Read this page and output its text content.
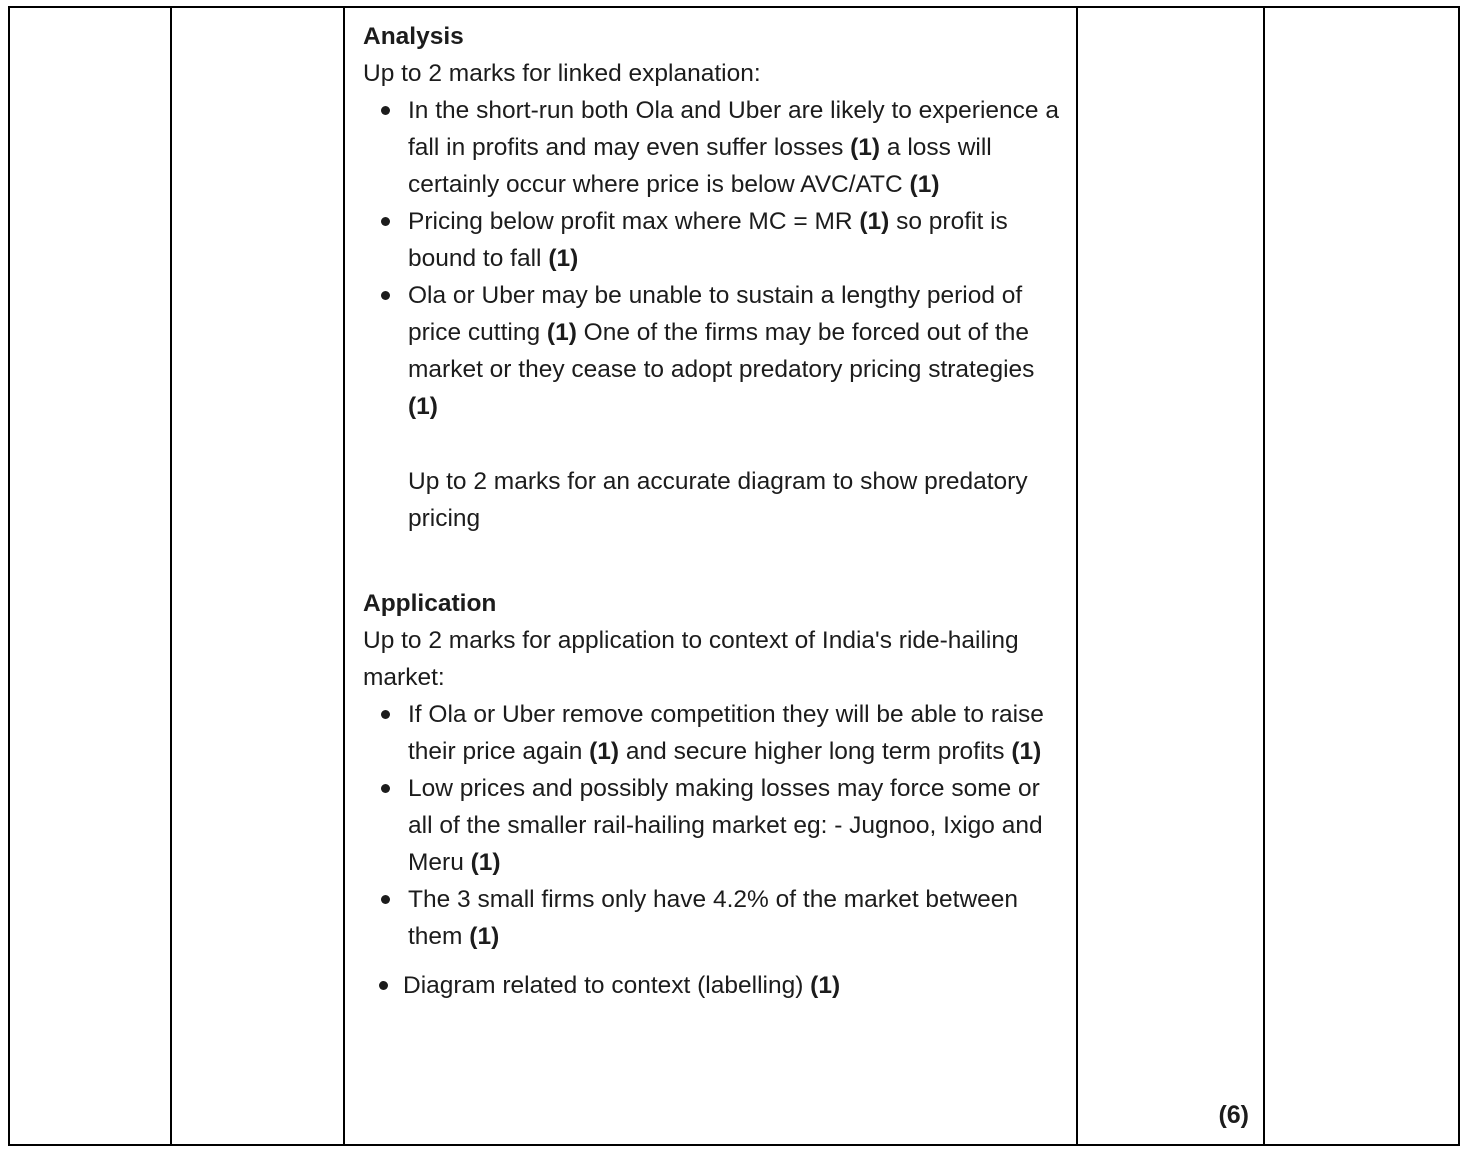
Analysis
Up to 2 marks for linked explanation:
In the short-run both Ola and Uber are likely to experience a fall in profits and may even suffer losses (1) a loss will certainly occur where price is below AVC/ATC (1)
Pricing below profit max where MC = MR (1) so profit is bound to fall (1)
Ola or Uber may be unable to sustain a lengthy period of price cutting (1) One of the firms may be forced out of the market or they cease to adopt predatory pricing strategies (1)
Up to 2 marks for an accurate diagram to show predatory pricing
Application
Up to 2 marks for application to context of India's ride-hailing market:
If Ola or Uber remove competition they will be able to raise their price again (1) and secure higher long term profits (1)
Low prices and possibly making losses may force some or all of the smaller rail-hailing market eg: - Jugnoo, Ixigo and Meru (1)
The 3 small firms only have 4.2% of the market between them (1)
Diagram related to context (labelling) (1)
(6)
